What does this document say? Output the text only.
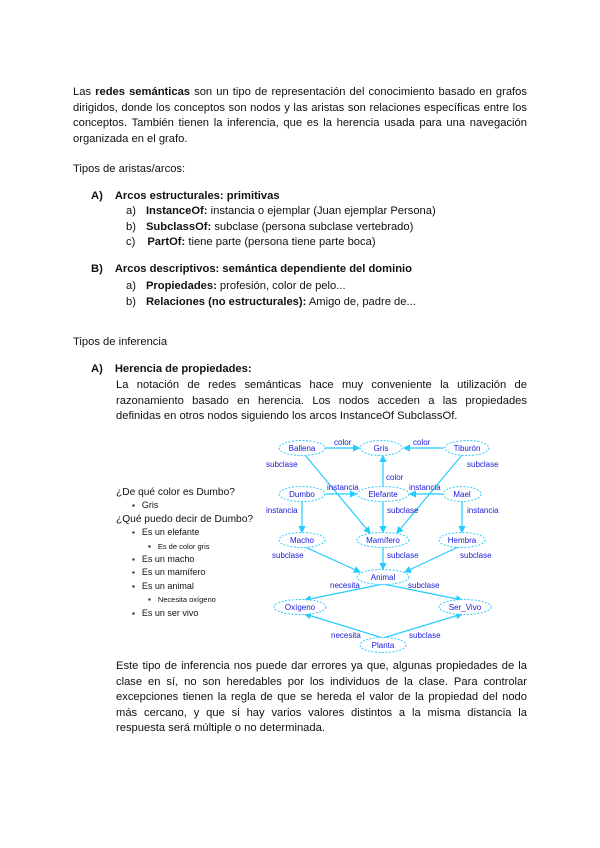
Las redes semánticas son un tipo de representación del conocimiento basado en grafos dirigidos, donde los conceptos son nodos y las aristas son relaciones específicas entre los conceptos. También tienen la inferencia, que es la herencia usada para una navegación organizada en el grafo.
Tipos de aristas/arcos:
A) Arcos estructurales: primitivas
a) InstanceOf: instancia o ejemplar (Juan ejemplar Persona)
b) SubclassOf: subclase (persona subclase vertebrado)
c) PartOf: tiene parte (persona tiene parte boca)
B) Arcos descriptivos: semántica dependiente del dominio
a) Propiedades: profesión, color de pelo...
b) Relaciones (no estructurales): Amigo de, padre de...
Tipos de inferencia
A) Herencia de propiedades:
La notación de redes semánticas hace muy conveniente la utilización de razonamiento basado en herencia. Los nodos acceden a las propiedades definidas en otros nodos siguiendo los arcos InstanceOf SubclassOf.
¿De qué color es Dumbo?
▪ Gris
¿Qué puedo decir de Dumbo?
▪ Es un elefante
▪ Es de color gris
▪ Es un macho
▪ Es un mamífero
▪ Es un animal
▪ Necesita oxígeno
▪ Es un ser vivo
color	color
color
subclase	subclase
instancia	instancia
instancia	instancia
subclase
subclase	subclase	subclase
necesita	subclase
necesita	subclase
Ballena	Gris	Tiburón
Dumbo	Elefante	Mael
Macho	Mamífero	Hembra
Animal
Oxígeno	Ser_Vivo
Planta
Este tipo de inferencia nos puede dar errores ya que, algunas propiedades de la clase en sí, no son heredables por los individuos de la clase. Para controlar excepciones tienen la regla de que se hereda el valor de la propiedad del nodo más cercano, y que si hay varios valores distintos a la misma distancia la respuesta será múltiple o no determinada.
